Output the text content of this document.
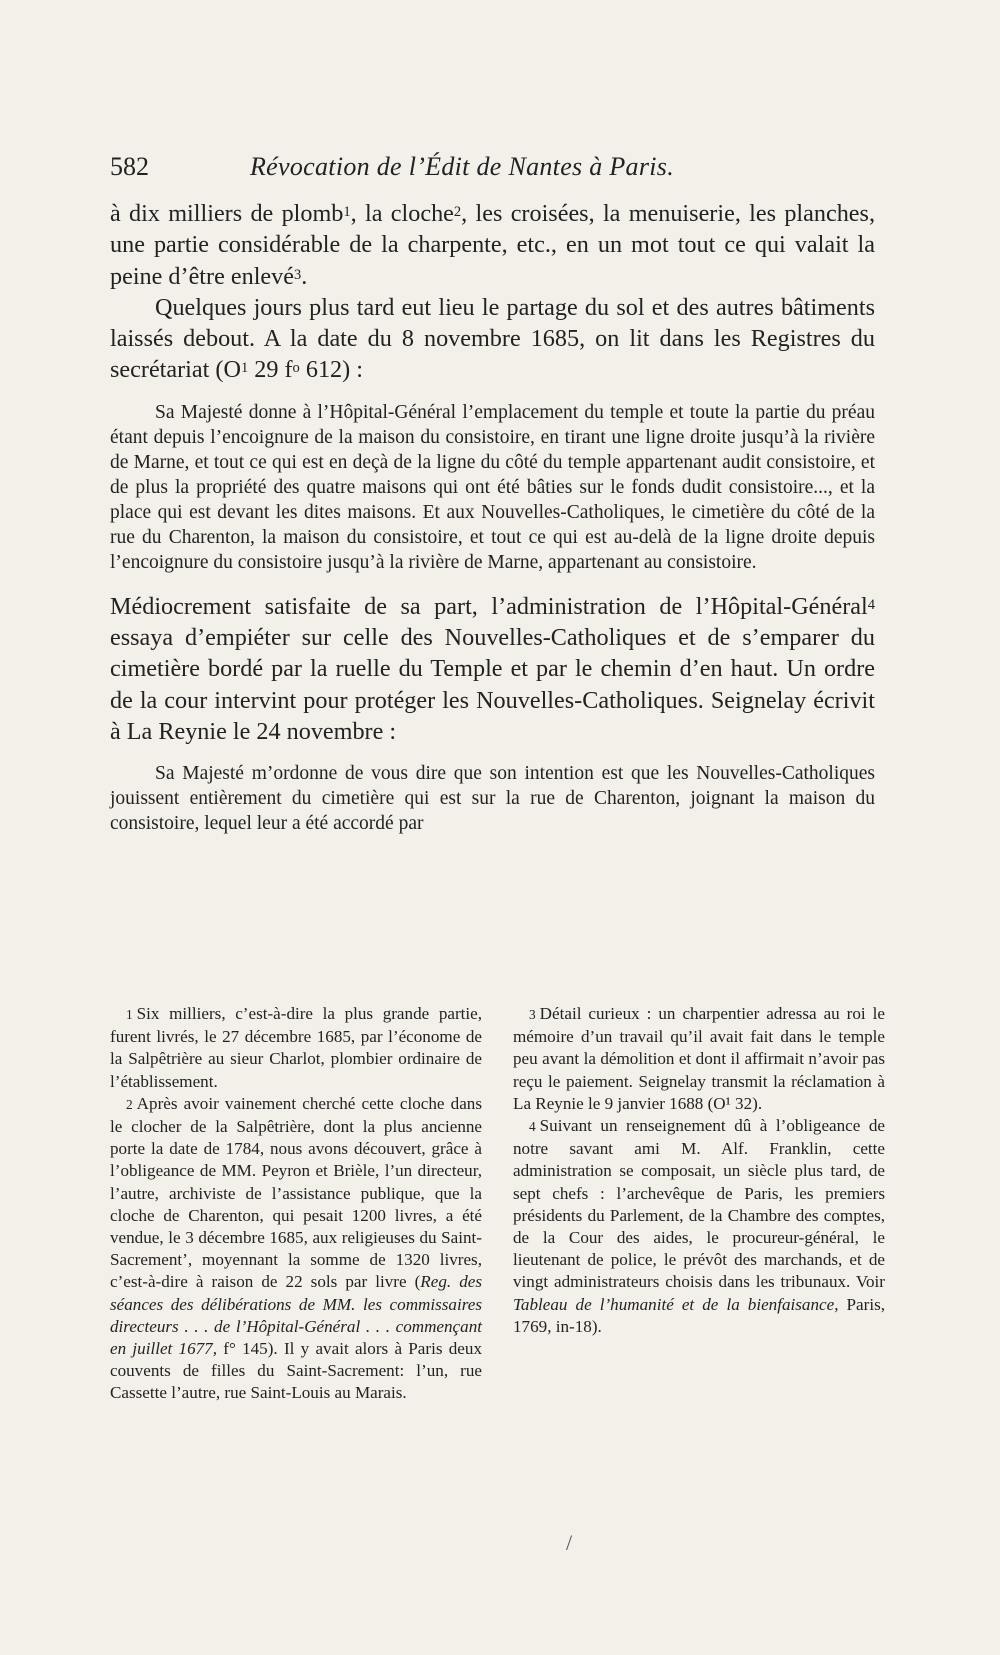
582	Révocation de l’Édit de Nantes à Paris.

à dix milliers de plomb$^1$, la cloche$^2$, les croisées, la menuiserie, les planches, une partie considérable de la charpente, etc., en un mot tout ce qui valait la peine d’être enlevé$^3$.

Quelques jours plus tard eut lieu le partage du sol et des autres bâtiments laissés debout. A la date du 8 novembre 1685, on lit dans les Registres du secrétariat ($O^1$ 29 $f^o$ 612) :

Sa Majesté donne à l’Hôpital-Général l’emplacement du temple et toute la partie du préau étant depuis l’encoignure de la maison du consistoire, en tirant une ligne droite jusqu’à la rivière de Marne, et tout ce qui est en deçà de la ligne du côté du temple appartenant audit consistoire, et de plus la propriété des quatre maisons qui ont été bâties sur le fonds dudit consistoire..., et la place qui est devant les dites maisons. Et aux Nouvelles-Catholiques, le cimetière du côté de la rue du Charenton, la maison du consistoire, et tout ce qui est au-delà de la ligne droite depuis l’encoignure du consistoire jusqu’à la rivière de Marne, appartenant au consistoire.

Médiocrement satisfaite de sa part, l’administration de l’Hôpital-Général$^4$ essaya d’empiéter sur celle des Nouvelles-Catholiques et de s’emparer du cimetière bordé par la ruelle du Temple et par le chemin d’en haut. Un ordre de la cour intervint pour protéger les Nouvelles-Catholiques. Seignelay écrivit à La Reynie le 24 novembre :

Sa Majesté m’ordonne de vous dire que son intention est que les Nouvelles-Catholiques jouissent entièrement du cimetière qui est sur la rue de Charenton, joignant la maison du consistoire, lequel leur a été accordé par

1 Six milliers, c’est-à-dire la plus grande partie, furent livrés, le 27 décembre 1685, par l’économe de la Salpêtrière au sieur Charlot, plombier ordinaire de l’établissement.

2 Après avoir vainement cherché cette cloche dans le clocher de la Salpêtrière, dont la plus ancienne porte la date de 1784, nous avons découvert, grâce à l’obligeance de MM. Peyron et Brièle, l’un directeur, l’autre, archiviste de l’assistance publique, que la cloche de Charenton, qui pesait 1200 livres, a été vendue, le 3 décembre 1685, aux religieuses du Saint-Sacrement’, moyennant la somme de 1320 livres, c’est-à-dire à raison de 22 sols par livre (Reg. des séances des délibérations de MM. les commissaires directeurs . . . de l’Hôpital-Général . . . commençant en juillet 1677, f° 145). Il y avait alors à Paris deux couvents de filles du Saint-Sacrement: l’un, rue Cassette l’autre, rue Saint-Louis au Marais.

3 Détail curieux : un charpentier adressa au roi le mémoire d’un travail qu’il avait fait dans le temple peu avant la démolition et dont il affirmait n’avoir pas reçu le paiement. Seignelay transmit la réclamation à La Reynie le 9 janvier 1688 (O¹ 32).

4 Suivant un renseignement dû à l’obligeance de notre savant ami M. Alf. Franklin, cette administration se composait, un siècle plus tard, de sept chefs : l’archevêque de Paris, les premiers présidents du Parlement, de la Chambre des comptes, de la Cour des aides, le procureur-général, le lieutenant de police, le prévôt des marchands, et de vingt administrateurs choisis dans les tribunaux. Voir Tableau de l’humanité et de la bienfaisance, Paris, 1769, in-18).

/
